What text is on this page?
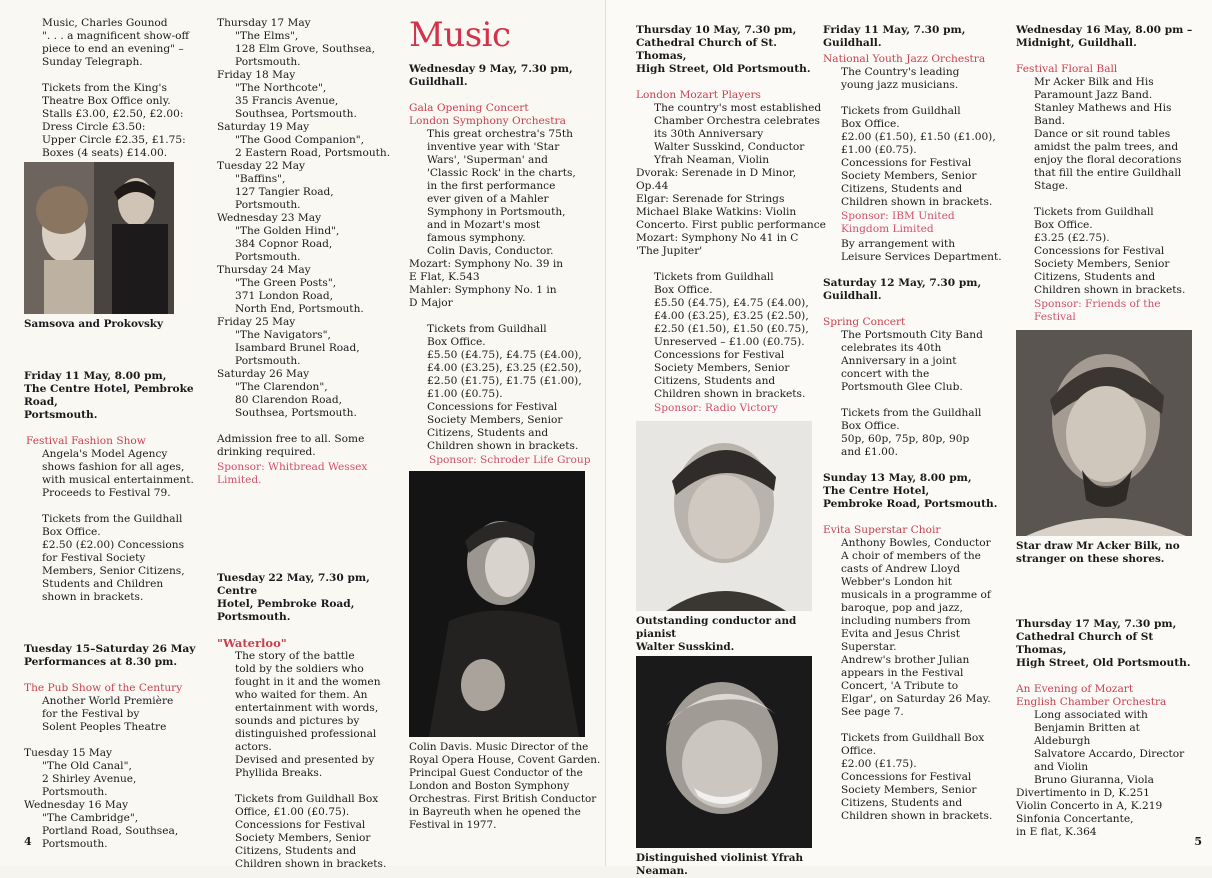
Music, Charles Gounod
". . . a magnificent show-off
piece to end an evening" –
Sunday Telegraph.
Tickets from the King's
Theatre Box Office only.
Stalls £3.00, £2.50, £2.00:
Dress Circle £3.50:
Upper Circle £2.35, £1.75:
Boxes (4 seats) £14.00.
Samsova and Prokovsky
Friday 11 May, 8.00 pm,
The Centre Hotel, Pembroke Road,
Portsmouth.
Festival Fashion Show
Angela's Model Agency
shows fashion for all ages,
with musical entertainment.
Proceeds to Festival 79.
Tickets from the Guildhall
Box Office.
£2.50 (£2.00) Concessions
for Festival Society
Members, Senior Citizens,
Students and Children
shown in brackets.
Tuesday 15–Saturday 26 May
Performances at 8.30 pm.
The Pub Show of the Century
Another World Première
for the Festival by
Solent Peoples Theatre
Tuesday 15 May
"The Old Canal",
2 Shirley Avenue,
Portsmouth.
Wednesday 16 May
"The Cambridge",
Portland Road, Southsea,
Portsmouth.
Thursday 17 May
"The Elms",
128 Elm Grove, Southsea,
Portsmouth.
Friday 18 May
"The Northcote",
35 Francis Avenue,
Southsea, Portsmouth.
Saturday 19 May
"The Good Companion",
2 Eastern Road, Portsmouth.
Tuesday 22 May
"Baffins",
127 Tangier Road,
Portsmouth.
Wednesday 23 May
"The Golden Hind",
384 Copnor Road,
Portsmouth.
Thursday 24 May
"The Green Posts",
371 London Road,
North End, Portsmouth.
Friday 25 May
"The Navigators",
Isambard Brunel Road,
Portsmouth.
Saturday 26 May
"The Clarendon",
80 Clarendon Road,
Southsea, Portsmouth.
Admission free to all. Some
drinking required.
Sponsor: Whitbread Wessex Limited.
Tuesday 22 May, 7.30 pm, Centre
Hotel, Pembroke Road, Portsmouth.
"Waterloo"
The story of the battle
told by the soldiers who
fought in it and the women
who waited for them. An
entertainment with words,
sounds and pictures by
distinguished professional
actors.
Devised and presented by
Phyllida Breaks.
Tickets from Guildhall Box
Office, £1.00 (£0.75).
Concessions for Festival
Society Members, Senior
Citizens, Students and
Children shown in brackets.
Music
Wednesday 9 May, 7.30 pm,
Guildhall.
Gala Opening Concert
London Symphony Orchestra
This great orchestra's 75th
inventive year with 'Star
Wars', 'Superman' and
'Classic Rock' in the charts,
in the first performance
ever given of a Mahler
Symphony in Portsmouth,
and in Mozart's most
famous symphony.
Colin Davis, Conductor.
Mozart: Symphony No. 39 in
E Flat, K.543
Mahler: Symphony No. 1 in
D Major
Tickets from Guildhall
Box Office.
£5.50 (£4.75), £4.75 (£4.00),
£4.00 (£3.25), £3.25 (£2.50),
£2.50 (£1.75), £1.75 (£1.00),
£1.00 (£0.75).
Concessions for Festival
Society Members, Senior
Citizens, Students and
Children shown in brackets.
Sponsor: Schroder Life Group
Colin Davis. Music Director of the
Royal Opera House, Covent Garden.
Principal Guest Conductor of the
London and Boston Symphony
Orchestras. First British Conductor
in Bayreuth when he opened the
Festival in 1977.
4
Thursday 10 May, 7.30 pm,
Cathedral Church of St. Thomas,
High Street, Old Portsmouth.
London Mozart Players
The country's most established
Chamber Orchestra celebrates
its 30th Anniversary
Walter Susskind, Conductor
Yfrah Neaman, Violin
Dvorak: Serenade in D Minor, Op.44
Elgar: Serenade for Strings
Michael Blake Watkins: Violin
Concerto. First public performance
Mozart: Symphony No 41 in C
'The Jupiter'
Tickets from Guildhall
Box Office.
£5.50 (£4.75), £4.75 (£4.00),
£4.00 (£3.25), £3.25 (£2.50),
£2.50 (£1.50), £1.50 (£0.75),
Unreserved – £1.00 (£0.75).
Concessions for Festival
Society Members, Senior
Citizens, Students and
Children shown in brackets.
Sponsor: Radio Victory
Outstanding conductor and pianist
Walter Susskind.
Distinguished violinist Yfrah
Neaman.
Friday 11 May, 7.30 pm, Guildhall.
National Youth Jazz Orchestra
The Country's leading
young jazz musicians.
Tickets from Guildhall
Box Office.
£2.00 (£1.50), £1.50 (£1.00),
£1.00 (£0.75).
Concessions for Festival
Society Members, Senior
Citizens, Students and
Children shown in brackets.
Sponsor: IBM United
Kingdom Limited
By arrangement with
Leisure Services Department.
Saturday 12 May, 7.30 pm,
Guildhall.
Spring Concert
The Portsmouth City Band
celebrates its 40th
Anniversary in a joint
concert with the
Portsmouth Glee Club.
Tickets from the Guildhall
Box Office.
50p, 60p, 75p, 80p, 90p
and £1.00.
Sunday 13 May, 8.00 pm,
The Centre Hotel,
Pembroke Road, Portsmouth.
Evita Superstar Choir
Anthony Bowles, Conductor
A choir of members of the
casts of Andrew Lloyd
Webber's London hit
musicals in a programme of
baroque, pop and jazz,
including numbers from
Evita and Jesus Christ
Superstar.
Andrew's brother Julian
appears in the Festival
Concert, 'A Tribute to
Elgar', on Saturday 26 May.
See page 7.
Tickets from Guildhall Box
Office.
£2.00 (£1.75).
Concessions for Festival
Society Members, Senior
Citizens, Students and
Children shown in brackets.
Wednesday 16 May, 8.00 pm –
Midnight, Guildhall.
Festival Floral Ball
Mr Acker Bilk and His
Paramount Jazz Band.
Stanley Mathews and His
Band.
Dance or sit round tables
amidst the palm trees, and
enjoy the floral decorations
that fill the entire Guildhall
Stage.
Tickets from Guildhall
Box Office.
£3.25 (£2.75).
Concessions for Festival
Society Members, Senior
Citizens, Students and
Children shown in brackets.
Sponsor: Friends of the
Festival
Star draw Mr Acker Bilk, no
stranger on these shores.
Thursday 17 May, 7.30 pm,
Cathedral Church of St Thomas,
High Street, Old Portsmouth.
An Evening of Mozart
English Chamber Orchestra
Long associated with
Benjamin Britten at
Aldeburgh
Salvatore Accardo, Director
and Violin
Bruno Giuranna, Viola
Divertimento in D, K.251
Violin Concerto in A, K.219
Sinfonia Concertante,
in E flat, K.364
5
